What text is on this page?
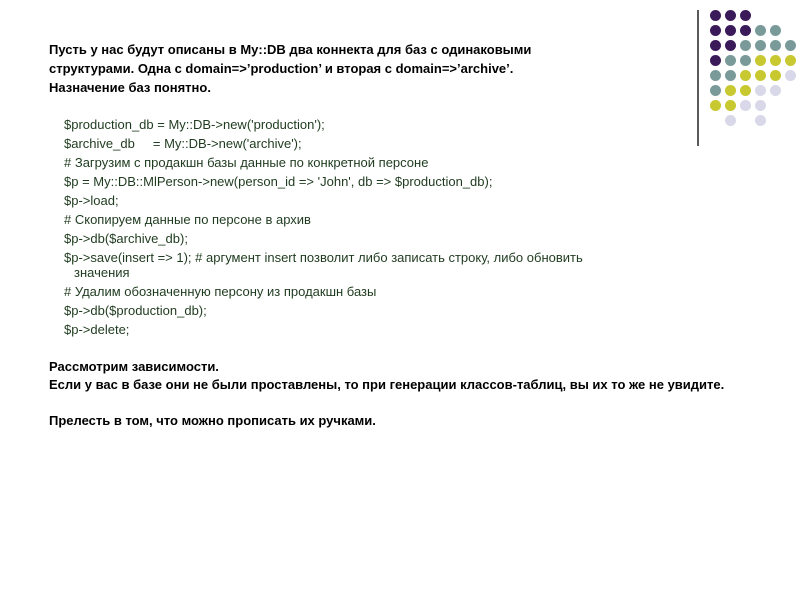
Пусть у нас будут описаны в My::DB два коннекта для баз с одинаковыми

структурами. Одна с domain=>’production’ и вторая с domain=>’archive’.

Назначение баз понятно.

$production_db = My::DB->new('production');
$archive_db     = My::DB->new('archive');
# Загрузим с продакшн базы данные по конкретной персоне
$p = My::DB::MlPerson->new(person_id => 'John', db => $production_db);
$p->load;
# Скопируем данные по персоне в архив
$p->db($archive_db);
$p->save(insert => 1); # аргумент insert позволит либо записать строку, либо обновить
значения
# Удалим обозначенную персону из продакшн базы
$p->db($production_db);
$p->delete;

Рассмотрим зависимости.

Если у вас в базе они не были проставлены, то при генерации классов-таблиц, вы их то же не увидите.

Прелесть в том, что можно прописать их ручками.
